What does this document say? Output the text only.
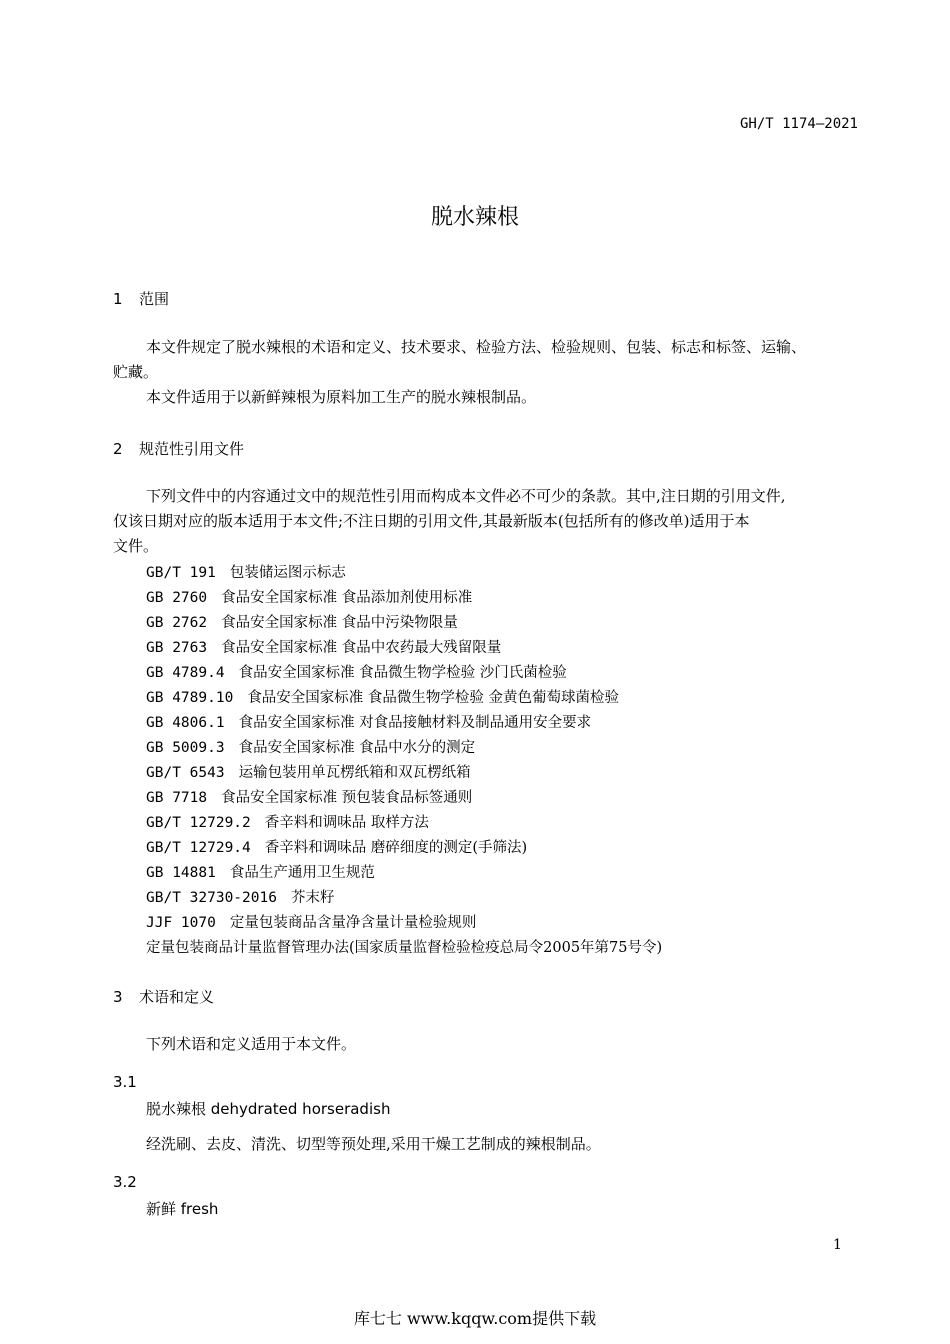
GH/T 1174—2021
脱水辣根
1 范围
本文件规定了脱水辣根的术语和定义、技术要求、检验方法、检验规则、包装、标志和标签、运输、
贮藏。
本文件适用于以新鲜辣根为原料加工生产的脱水辣根制品。
2 规范性引用文件
下列文件中的内容通过文中的规范性引用而构成本文件必不可少的条款。其中,注日期的引用文件,
仅该日期对应的版本适用于本文件;不注日期的引用文件,其最新版本(包括所有的修改单)适用于本
文件。
GB/T 191 包装储运图示标志
GB 2760 食品安全国家标准 食品添加剂使用标准
GB 2762 食品安全国家标准 食品中污染物限量
GB 2763 食品安全国家标准 食品中农药最大残留限量
GB 4789.4 食品安全国家标准 食品微生物学检验 沙门氏菌检验
GB 4789.10 食品安全国家标准 食品微生物学检验 金黄色葡萄球菌检验
GB 4806.1 食品安全国家标准 对食品接触材料及制品通用安全要求
GB 5009.3 食品安全国家标准 食品中水分的测定
GB/T 6543 运输包装用单瓦楞纸箱和双瓦楞纸箱
GB 7718 食品安全国家标准 预包装食品标签通则
GB/T 12729.2 香辛料和调味品 取样方法
GB/T 12729.4 香辛料和调味品 磨碎细度的测定(手筛法)
GB 14881 食品生产通用卫生规范
GB/T 32730-2016 芥末籽
JJF 1070 定量包装商品含量净含量计量检验规则
定量包装商品计量监督管理办法(国家质量监督检验检疫总局令2005年第75号令)
3 术语和定义
下列术语和定义适用于本文件。
3.1
脱水辣根 dehydrated horseradish
经洗刷、去皮、清洗、切型等预处理,采用干燥工艺制成的辣根制品。
3.2
新鲜 fresh
1
库七七 www.kqqw.com提供下载
